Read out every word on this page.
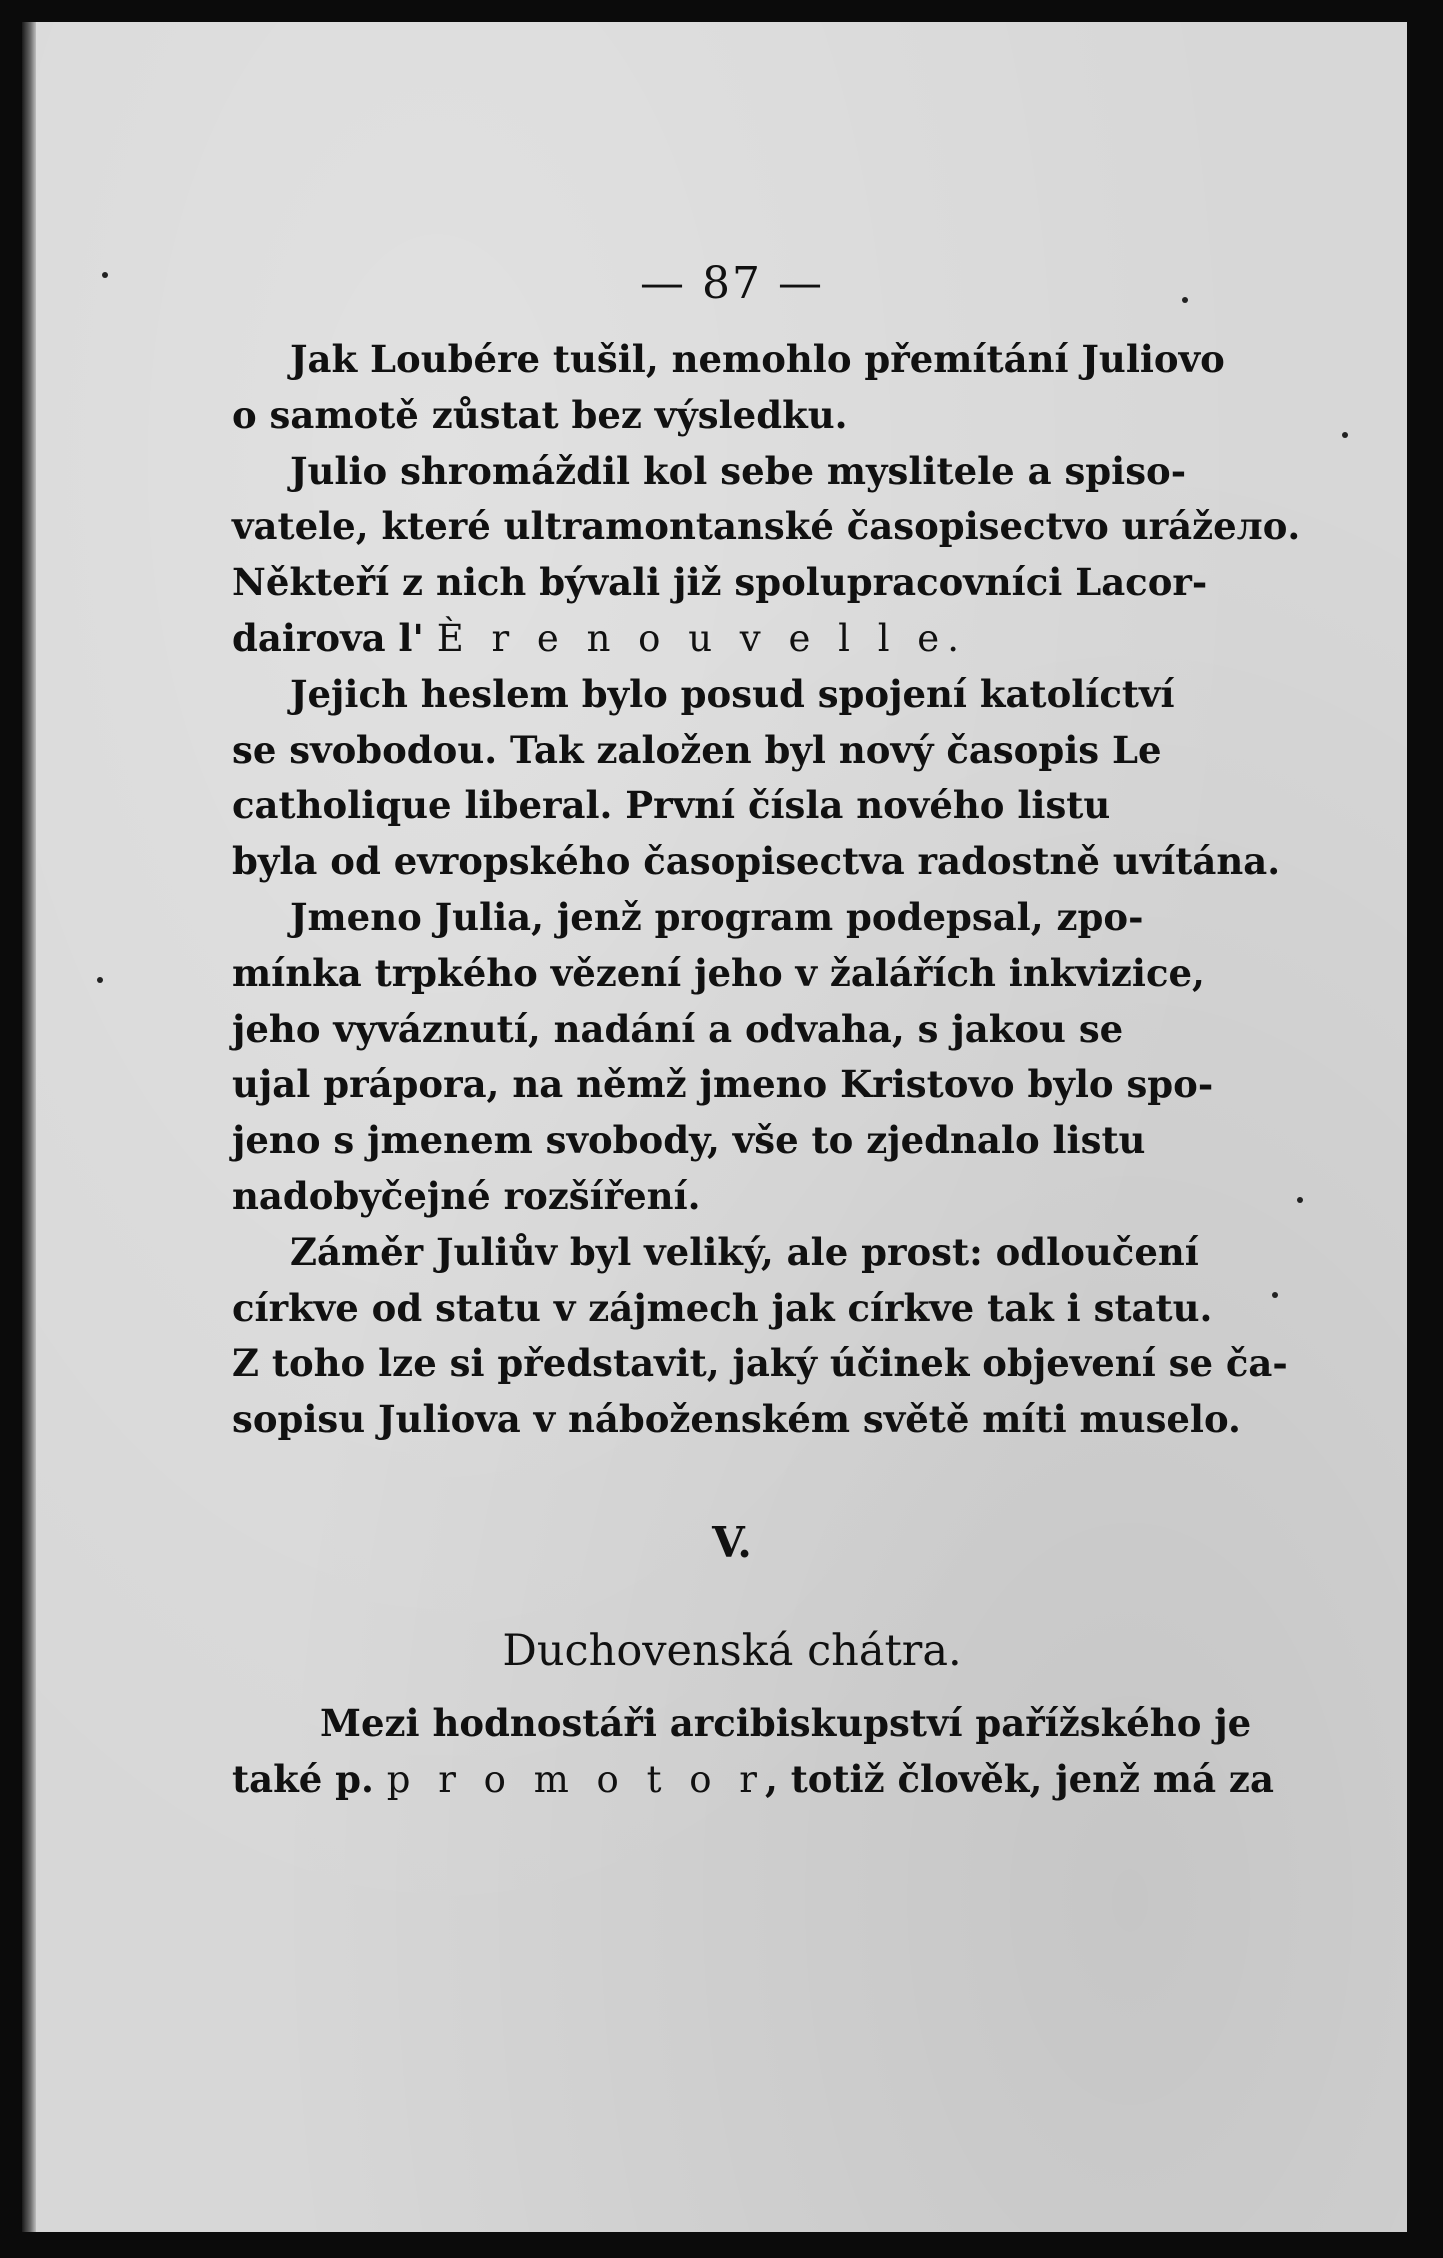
— 87 —

Jak Loubére tušil, nemohlo přemítání Juliovo
o samotě zůstat bez výsledku.

Julio shromáždil kol sebe myslitele a spiso-
vatele, které ultramontanské časopisectvo urážело.
Někteří z nich bývali již spolupracovníci Lacor-
dairova l' È r e n o u v e l l e.

Jejich heslem bylo posud spojení katolíctví
se svobodou. Tak založen byl nový časopis Le
catholique liberal. První čísla nového listu
byla od evropského časopisectva radostně uvítána.

Jmeno Julia, jenž program podepsal, zpo-
mínka trpkého vězení jeho v žalářích inkvizice,
jeho vyváznutí, nadání a odvaha, s jakou se
ujal prápora, na němž jmeno Kristovo bylo spo-
jeno s jmenem svobody, vše to zjednalo listu
nadobyčejné rozšíření.

Záměr Juliův byl veliký, ale prost: odloučení
církve od statu v zájmech jak církve tak i statu.
Z toho lze si představit, jaký účinek objevení se ča-
sopisu Juliova v náboženském světě míti muselo.

V.
Duchovenská chátra.

Mezi hodnostáři arcibiskupství pařížského je
také p. p r o m o t o r, totiž člověk, jenž má za
